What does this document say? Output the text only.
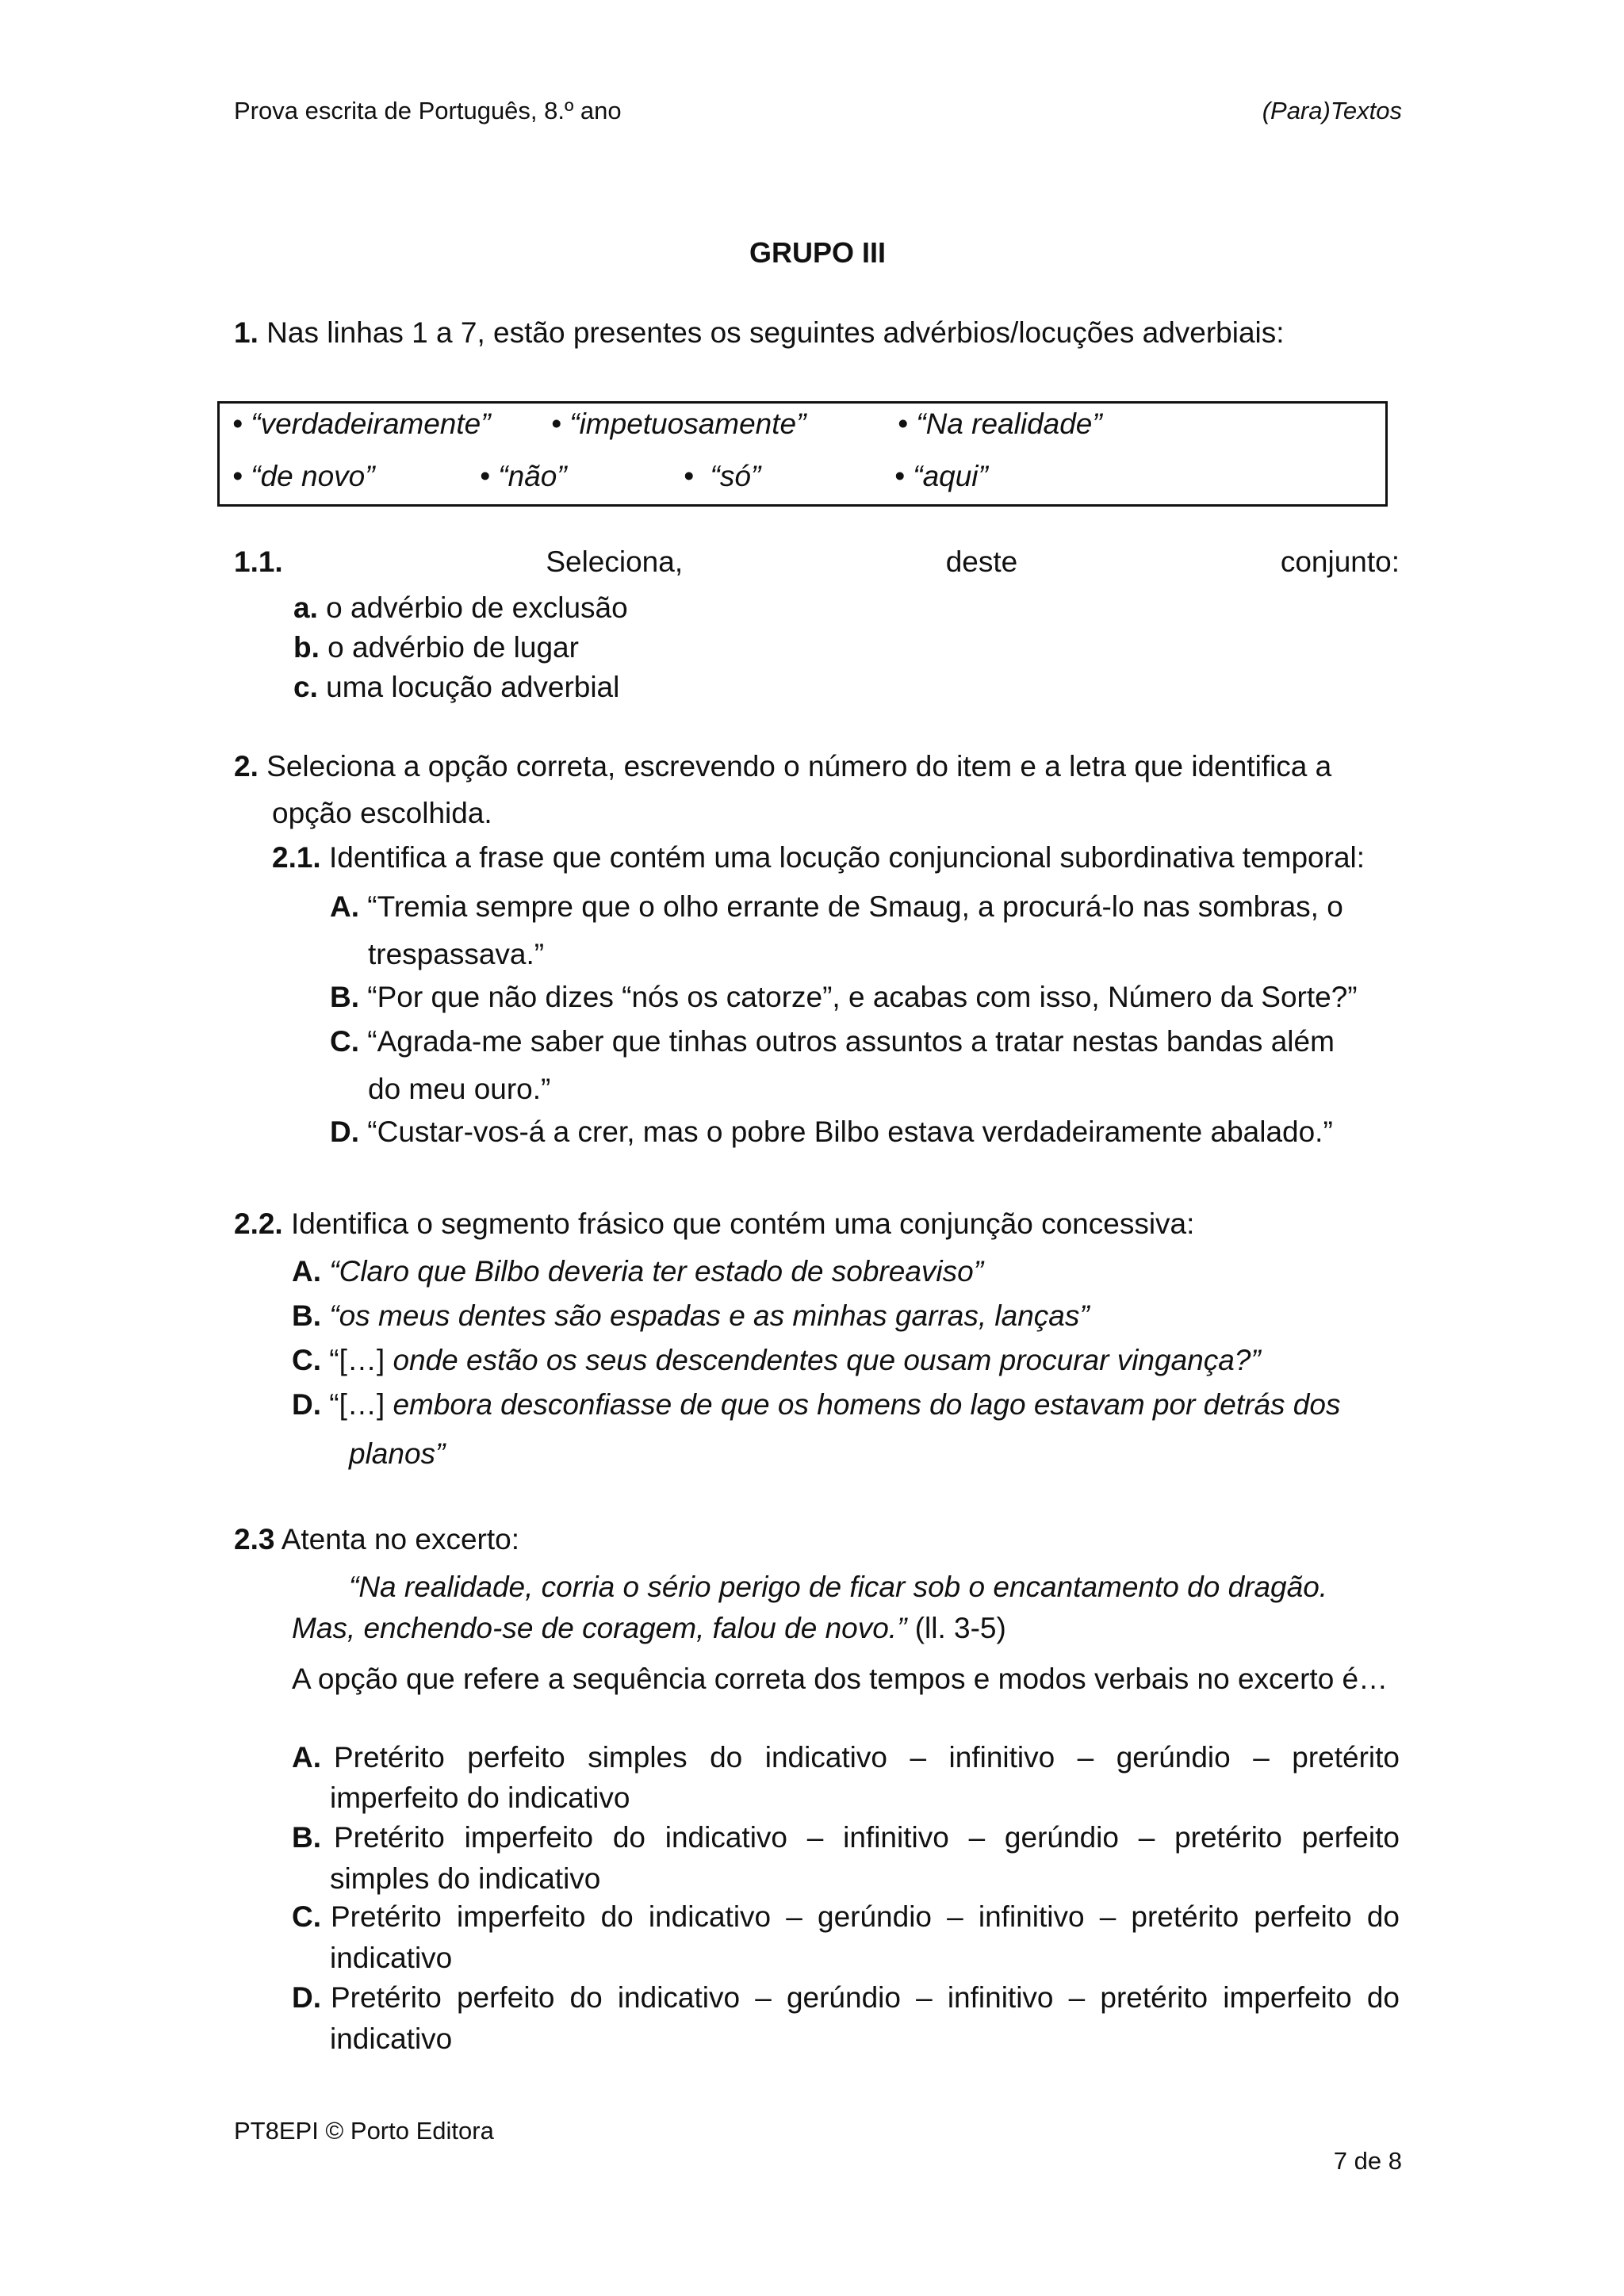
Prova escrita de Português, 8.º ano	(Para)Textos
GRUPO III
1. Nas linhas 1 a 7, estão presentes os seguintes advérbios/locuções adverbiais:
• “verdadeiramente” • “impetuosamente”	• “Na realidade”
• “de novo”	• “não”	• “só”	• “aqui”
1.1.	Seleciona,	deste	conjunto:
a. o advérbio de exclusão
b. o advérbio de lugar
c. uma locução adverbial
2. Seleciona a opção correta, escrevendo o número do item e a letra que identifica a
opção escolhida.
2.1. Identifica a frase que contém uma locução conjuncional subordinativa temporal:
A. “Tremia sempre que o olho errante de Smaug, a procurá-lo nas sombras, o
trespassava.”
B. “Por que não dizes “nós os catorze”, e acabas com isso, Número da Sorte?”
C. “Agrada-me saber que tinhas outros assuntos a tratar nestas bandas além
do meu ouro.”
D. “Custar-vos-á a crer, mas o pobre Bilbo estava verdadeiramente abalado.”
2.2. Identifica o segmento frásico que contém uma conjunção concessiva:
A. “Claro que Bilbo deveria ter estado de sobreaviso”
B. “os meus dentes são espadas e as minhas garras, lanças”
C. “[…] onde estão os seus descendentes que ousam procurar vingança?”
D. “[…] embora desconfiasse de que os homens do lago estavam por detrás dos
planos”
2.3 Atenta no excerto:
“Na realidade, corria o sério perigo de ficar sob o encantamento do dragão.
Mas, enchendo-se de coragem, falou de novo.” (ll. 3-5)
A opção que refere a sequência correta dos tempos e modos verbais no excerto é…
A. Pretérito perfeito simples do indicativo – infinitivo – gerúndio – pretérito
imperfeito do indicativo
B. Pretérito imperfeito do indicativo – infinitivo – gerúndio – pretérito perfeito
simples do indicativo
C. Pretérito imperfeito do indicativo – gerúndio – infinitivo – pretérito perfeito do
indicativo
D. Pretérito perfeito do indicativo – gerúndio – infinitivo – pretérito imperfeito do
indicativo
PT8EPI © Porto Editora
7 de 8
